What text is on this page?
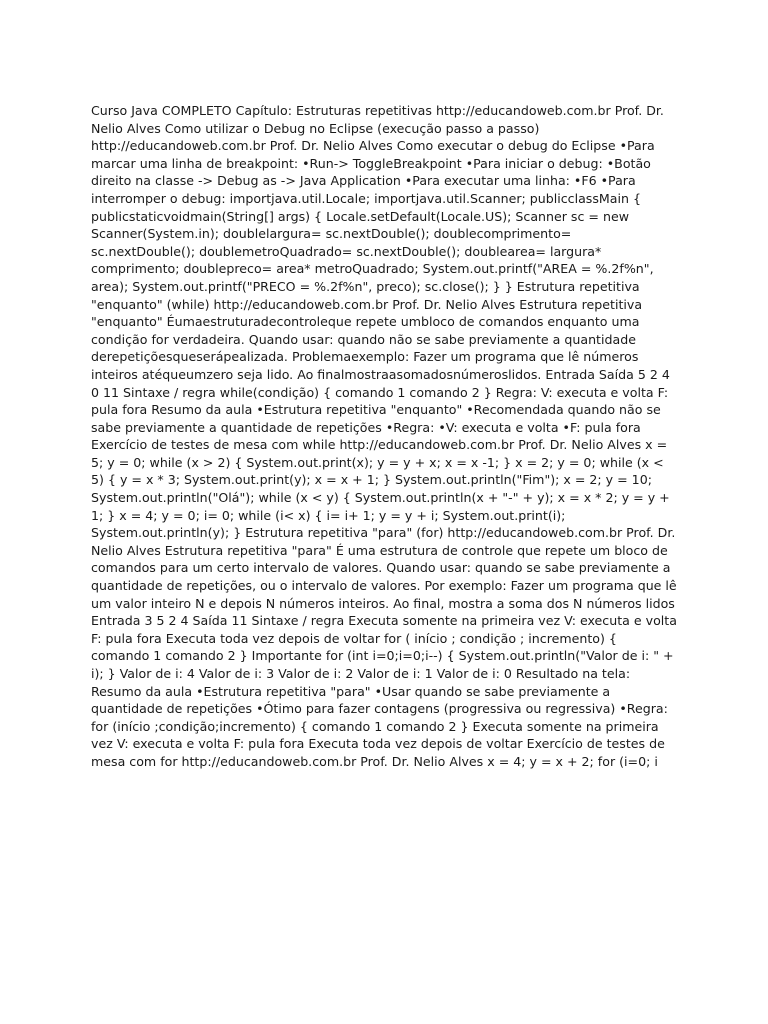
Curso Java COMPLETO Capítulo: Estruturas repetitivas http://educandoweb.com.br Prof. Dr. Nelio Alves Como utilizar o Debug no Eclipse (execução passo a passo) http://educandoweb.com.br Prof. Dr. Nelio Alves Como executar o debug do Eclipse •Para marcar uma linha de breakpoint: •Run-> ToggleBreakpoint •Para iniciar o debug: •Botão direito na classe -> Debug as -> Java Application •Para executar uma linha: •F6 •Para interromper o debug: importjava.util.Locale; importjava.util.Scanner; publicclassMain { publicstaticvoidmain(String[] args) { Locale.setDefault(Locale.US); Scanner sc = new Scanner(System.in); doublelargura= sc.nextDouble(); doublecomprimento= sc.nextDouble(); doublemetroQuadrado= sc.nextDouble(); doublearea= largura* comprimento; doublepreco= area* metroQuadrado; System.out.printf("AREA = %.2f%n", area); System.out.printf("PRECO = %.2f%n", preco); sc.close(); } } Estrutura repetitiva "enquanto" (while) http://educandoweb.com.br Prof. Dr. Nelio Alves Estrutura repetitiva "enquanto" Éumaestruturadecontroleque repete umbloco de comandos enquanto uma condição for verdadeira. Quando usar: quando não se sabe previamente a quantidade derepetiçõesqueseráрealizada. Problemaexemplo: Fazer um programa que lê números inteiros atéqueumzero seja lido. Ao finalmostraasomadosnúmeroslidos. Entrada Saída 5 2 4 0 11 Sintaxe / regra while(condição) { comando 1 comando 2 } Regra: V: executa e volta F: pula fora Resumo da aula •Estrutura repetitiva "enquanto" •Recomendada quando não se sabe previamente a quantidade de repetições •Regra: •V: executa e volta •F: pula fora Exercício de testes de mesa com while http://educandoweb.com.br Prof. Dr. Nelio Alves x = 5; y = 0; while (x > 2) { System.out.print(x); y = y + x; x = x -1; } x = 2; y = 0; while (x < 5) { y = x * 3; System.out.print(y); x = x + 1; } System.out.println("Fim"); x = 2; y = 10; System.out.println("Olá"); while (x < y) { System.out.println(x + "-" + y); x = x * 2; y = y + 1; } x = 4; y = 0; i= 0; while (i< x) { i= i+ 1; y = y + i; System.out.print(i); System.out.println(y); } Estrutura repetitiva "para" (for) http://educandoweb.com.br Prof. Dr. Nelio Alves Estrutura repetitiva "para" É uma estrutura de controle que repete um bloco de comandos para um certo intervalo de valores. Quando usar: quando se sabe previamente a quantidade de repetições, ou o intervalo de valores. Por exemplo: Fazer um programa que lê um valor inteiro N e depois N números inteiros. Ao final, mostra a soma dos N números lidos Entrada 3 5 2 4 Saída 11 Sintaxe / regra Executa somente na primeira vez V: executa e volta F: pula fora Executa toda vez depois de voltar for ( início ; condição ; incremento) { comando 1 comando 2 } Importante for (int i=0;i=0;i--) { System.out.println("Valor de i: " + i); } Valor de i: 4 Valor de i: 3 Valor de i: 2 Valor de i: 1 Valor de i: 0 Resultado na tela: Resumo da aula •Estrutura repetitiva "para" •Usar quando se sabe previamente a quantidade de repetições •Ótimo para fazer contagens (progressiva ou regressiva) •Regra: for (início ;condição;incremento) { comando 1 comando 2 } Executa somente na primeira vez V: executa e volta F: pula fora Executa toda vez depois de voltar Exercício de testes de mesa com for http://educandoweb.com.br Prof. Dr. Nelio Alves x = 4; y = x + 2; for (i=0; i
